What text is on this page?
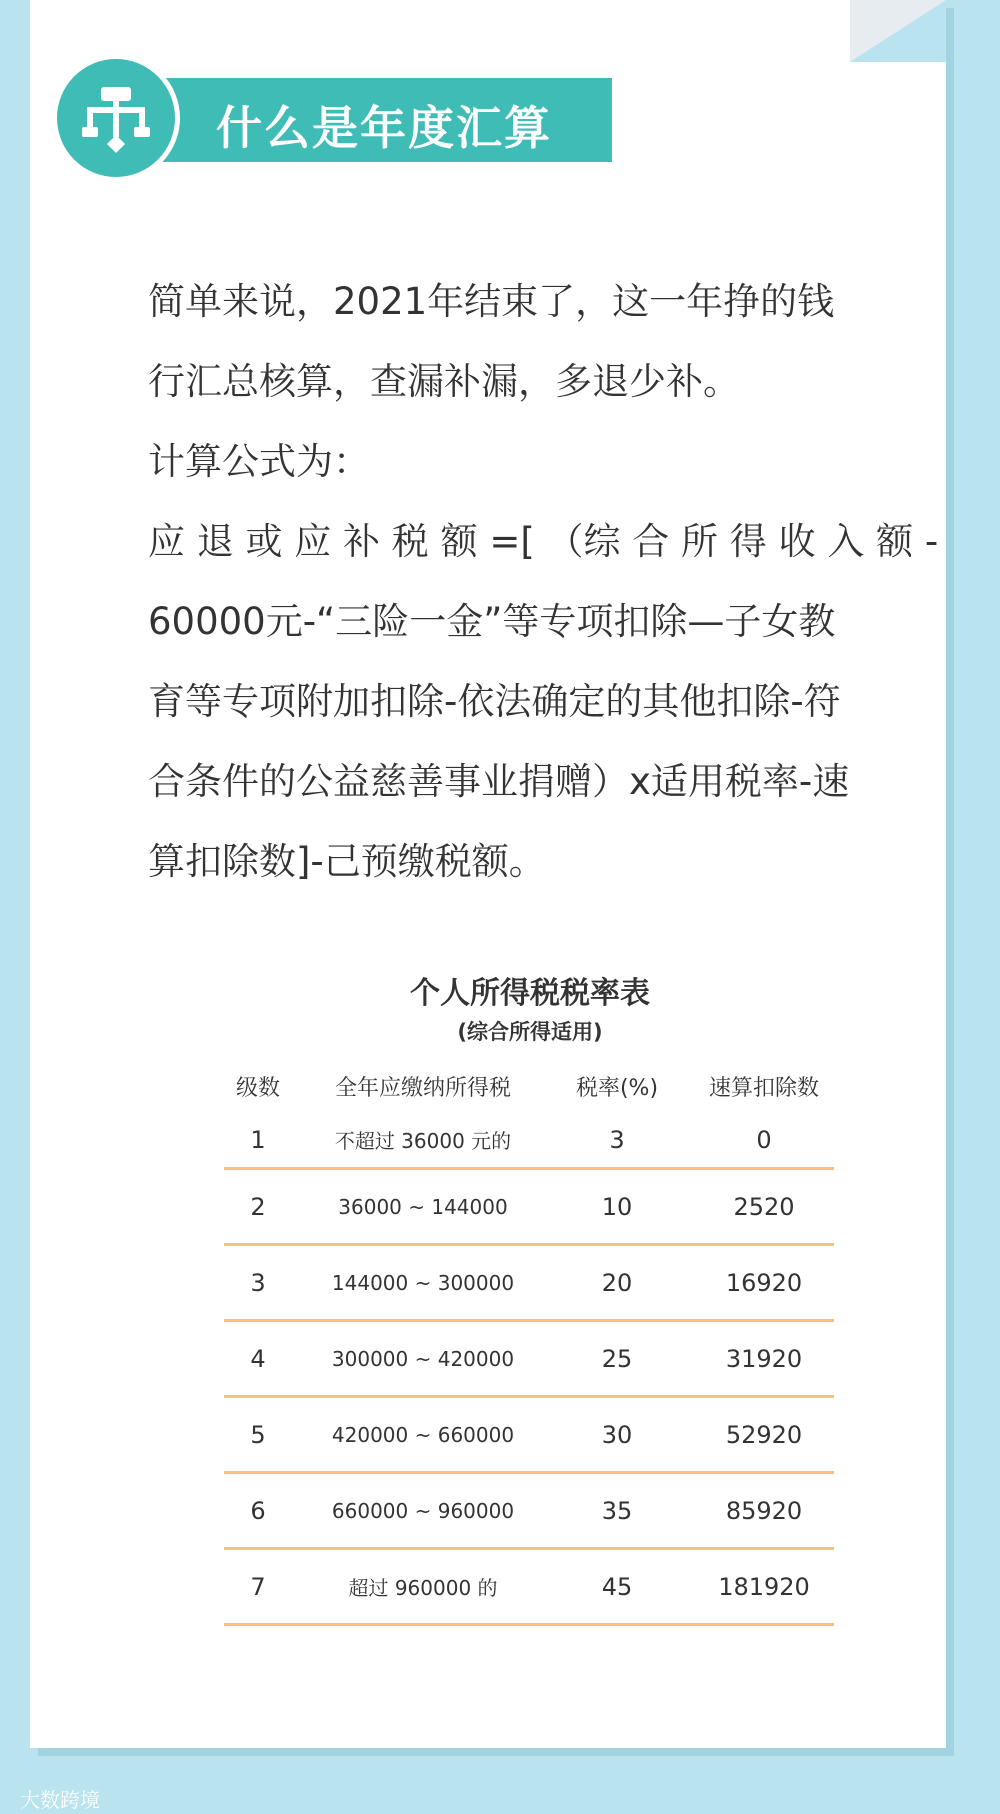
什么是年度汇算

简单来说，2021年结束了，这一年挣的钱

行汇总核算，查漏补漏，多退少补。

计算公式为：

应 退 或 应 补 税 额 =[ （综 合 所 得 收 入 额 -

60000元-“三险一金”等专项扣除—子女教

育等专项附加扣除-依法确定的其他扣除-符

合条件的公益慈善事业捐赠）x适用税率-速

算扣除数]-己预缴税额。

个人所得税税率表
(综合所得适用)
级数	全年应缴纳所得税	税率(%)	速算扣除数
1	不超过 36000 元的	3	0
2	36000 ~ 144000	10	2520
3	144000 ~ 300000	20	16920
4	300000 ~ 420000	25	31920
5	420000 ~ 660000	30	52920
6	660000 ~ 960000	35	85920
7	超过 960000 的	45	181920
大数跨境
